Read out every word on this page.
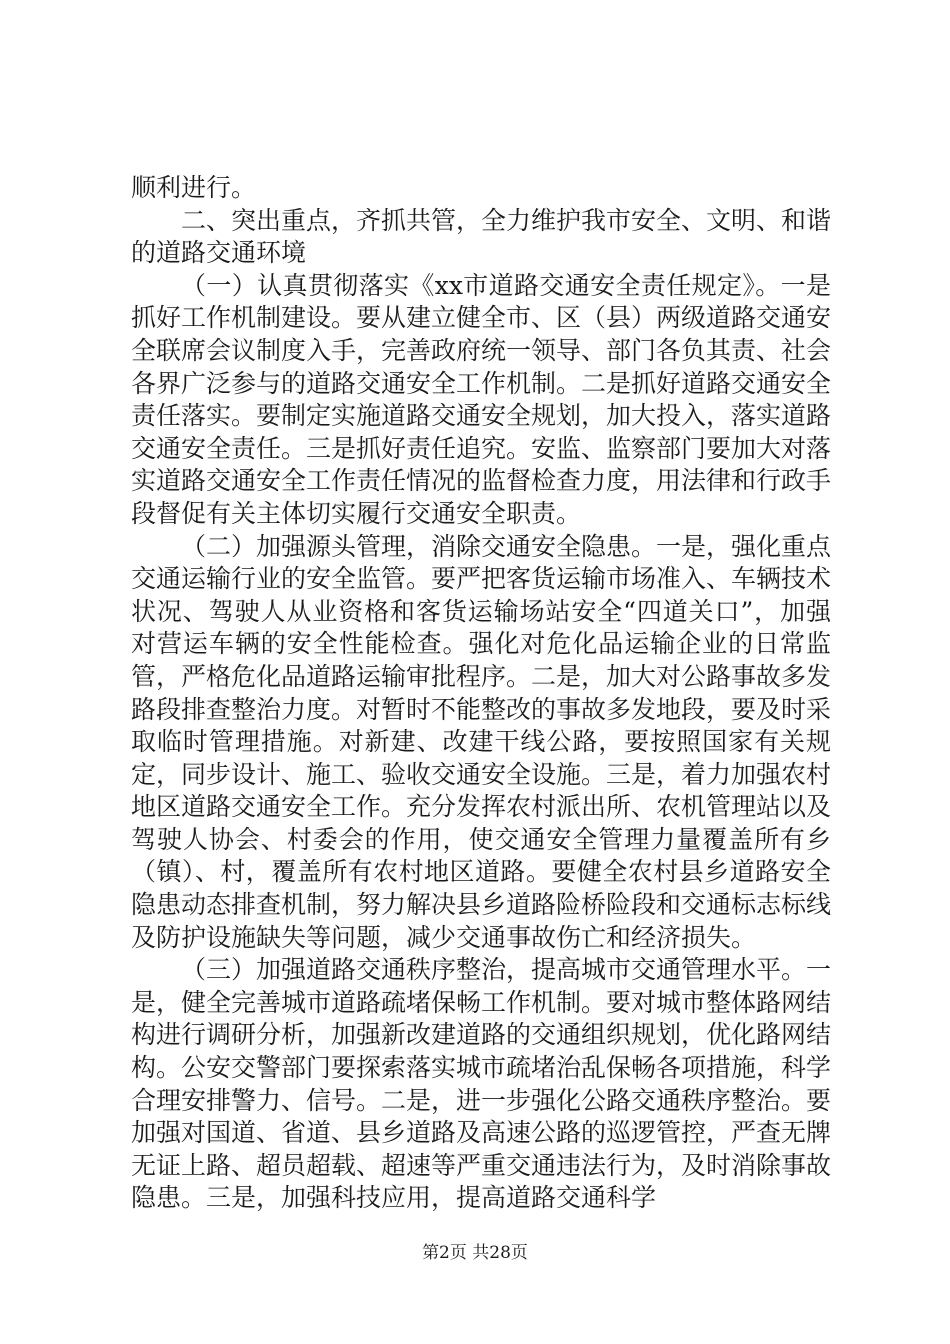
顺利进行。

二、突出重点，齐抓共管，全力维护我市安全、文明、和谐的道路交通环境

（一）认真贯彻落实《xx市道路交通安全责任规定》。一是抓好工作机制建设。要从建立健全市、区（县）两级道路交通安全联席会议制度入手，完善政府统一领导、部门各负其责、社会各界广泛参与的道路交通安全工作机制。二是抓好道路交通安全责任落实。要制定实施道路交通安全规划，加大投入，落实道路交通安全责任。三是抓好责任追究。安监、监察部门要加大对落实道路交通安全工作责任情况的监督检查力度，用法律和行政手段督促有关主体切实履行交通安全职责。

（二）加强源头管理，消除交通安全隐患。一是，强化重点交通运输行业的安全监管。要严把客货运输市场准入、车辆技术状况、驾驶人从业资格和客货运输场站安全“四道关口”，加强对营运车辆的安全性能检查。强化对危化品运输企业的日常监管，严格危化品道路运输审批程序。二是，加大对公路事故多发路段排查整治力度。对暂时不能整改的事故多发地段，要及时采取临时管理措施。对新建、改建干线公路，要按照国家有关规定，同步设计、施工、验收交通安全设施。三是，着力加强农村地区道路交通安全工作。充分发挥农村派出所、农机管理站以及驾驶人协会、村委会的作用，使交通安全管理力量覆盖所有乡（镇）、村，覆盖所有农村地区道路。要健全农村县乡道路安全隐患动态排查机制，努力解决县乡道路险桥险段和交通标志标线及防护设施缺失等问题，减少交通事故伤亡和经济损失。

（三）加强道路交通秩序整治，提高城市交通管理水平。一是，健全完善城市道路疏堵保畅工作机制。要对城市整体路网结构进行调研分析，加强新改建道路的交通组织规划，优化路网结构。公安交警部门要探索落实城市疏堵治乱保畅各项措施，科学合理安排警力、信号。二是，进一步强化公路交通秩序整治。要加强对国道、省道、县乡道路及高速公路的巡逻管控，严查无牌无证上路、超员超载、超速等严重交通违法行为，及时消除事故隐患。三是，加强科技应用，提高道路交通科学

第2页 共28页
